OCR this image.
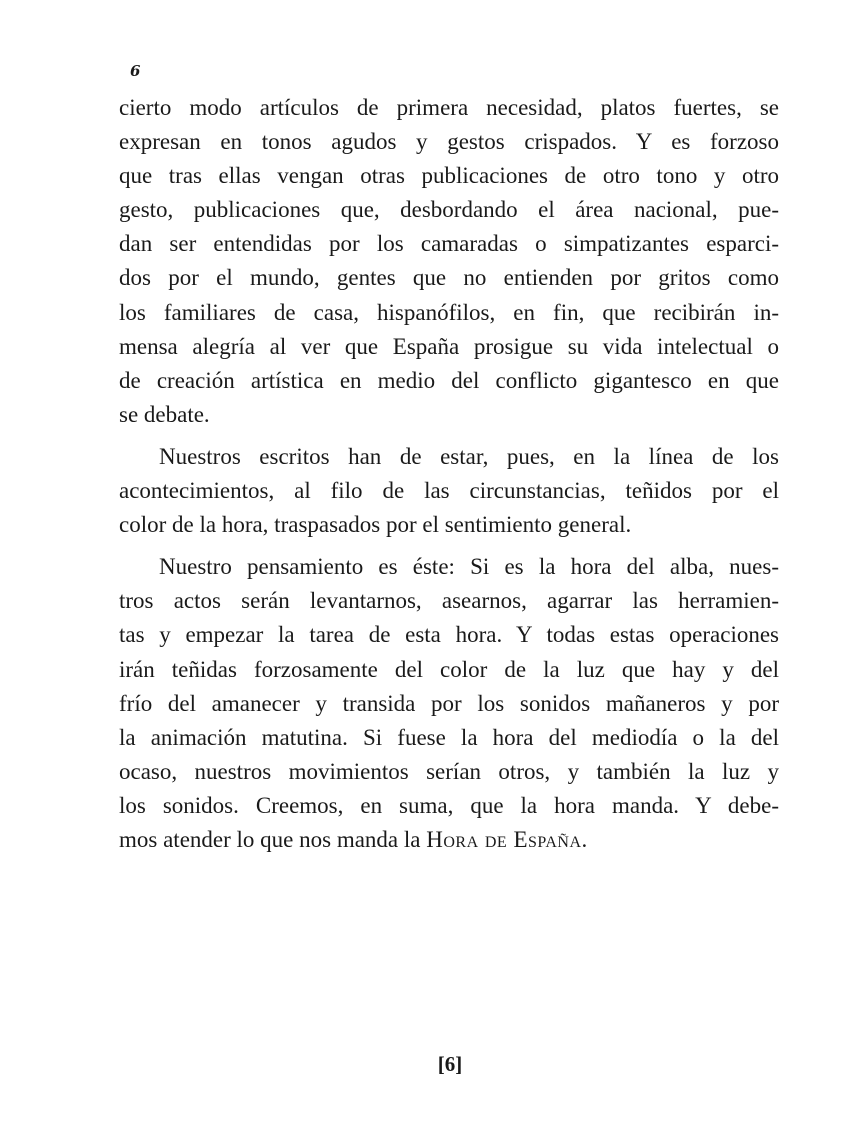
6
cierto modo artículos de primera necesidad, platos fuertes, se
expresan en tonos agudos y gestos crispados. Y es forzoso
que tras ellas vengan otras publicaciones de otro tono y otro
gesto, publicaciones que, desbordando el área nacional, pue-
dan ser entendidas por los camaradas o simpatizantes esparci-
dos por el mundo, gentes que no entienden por gritos como
los familiares de casa, hispanófilos, en fin, que recibirán in-
mensa alegría al ver que España prosigue su vida intelectual o
de creación artística en medio del conflicto gigantesco en que
se debate.
Nuestros escritos han de estar, pues, en la línea de los
acontecimientos, al filo de las circunstancias, teñidos por el
color de la hora, traspasados por el sentimiento general.
Nuestro pensamiento es éste: Si es la hora del alba, nues-
tros actos serán levantarnos, asearnos, agarrar las herramien-
tas y empezar la tarea de esta hora. Y todas estas operaciones
irán teñidas forzosamente del color de la luz que hay y del
frío del amanecer y transida por los sonidos mañaneros y por
la animación matutina. Si fuese la hora del mediodía o la del
ocaso, nuestros movimientos serían otros, y también la luz y
los sonidos. Creemos, en suma, que la hora manda. Y debe-
mos atender lo que nos manda la Hora de España.
[6]
